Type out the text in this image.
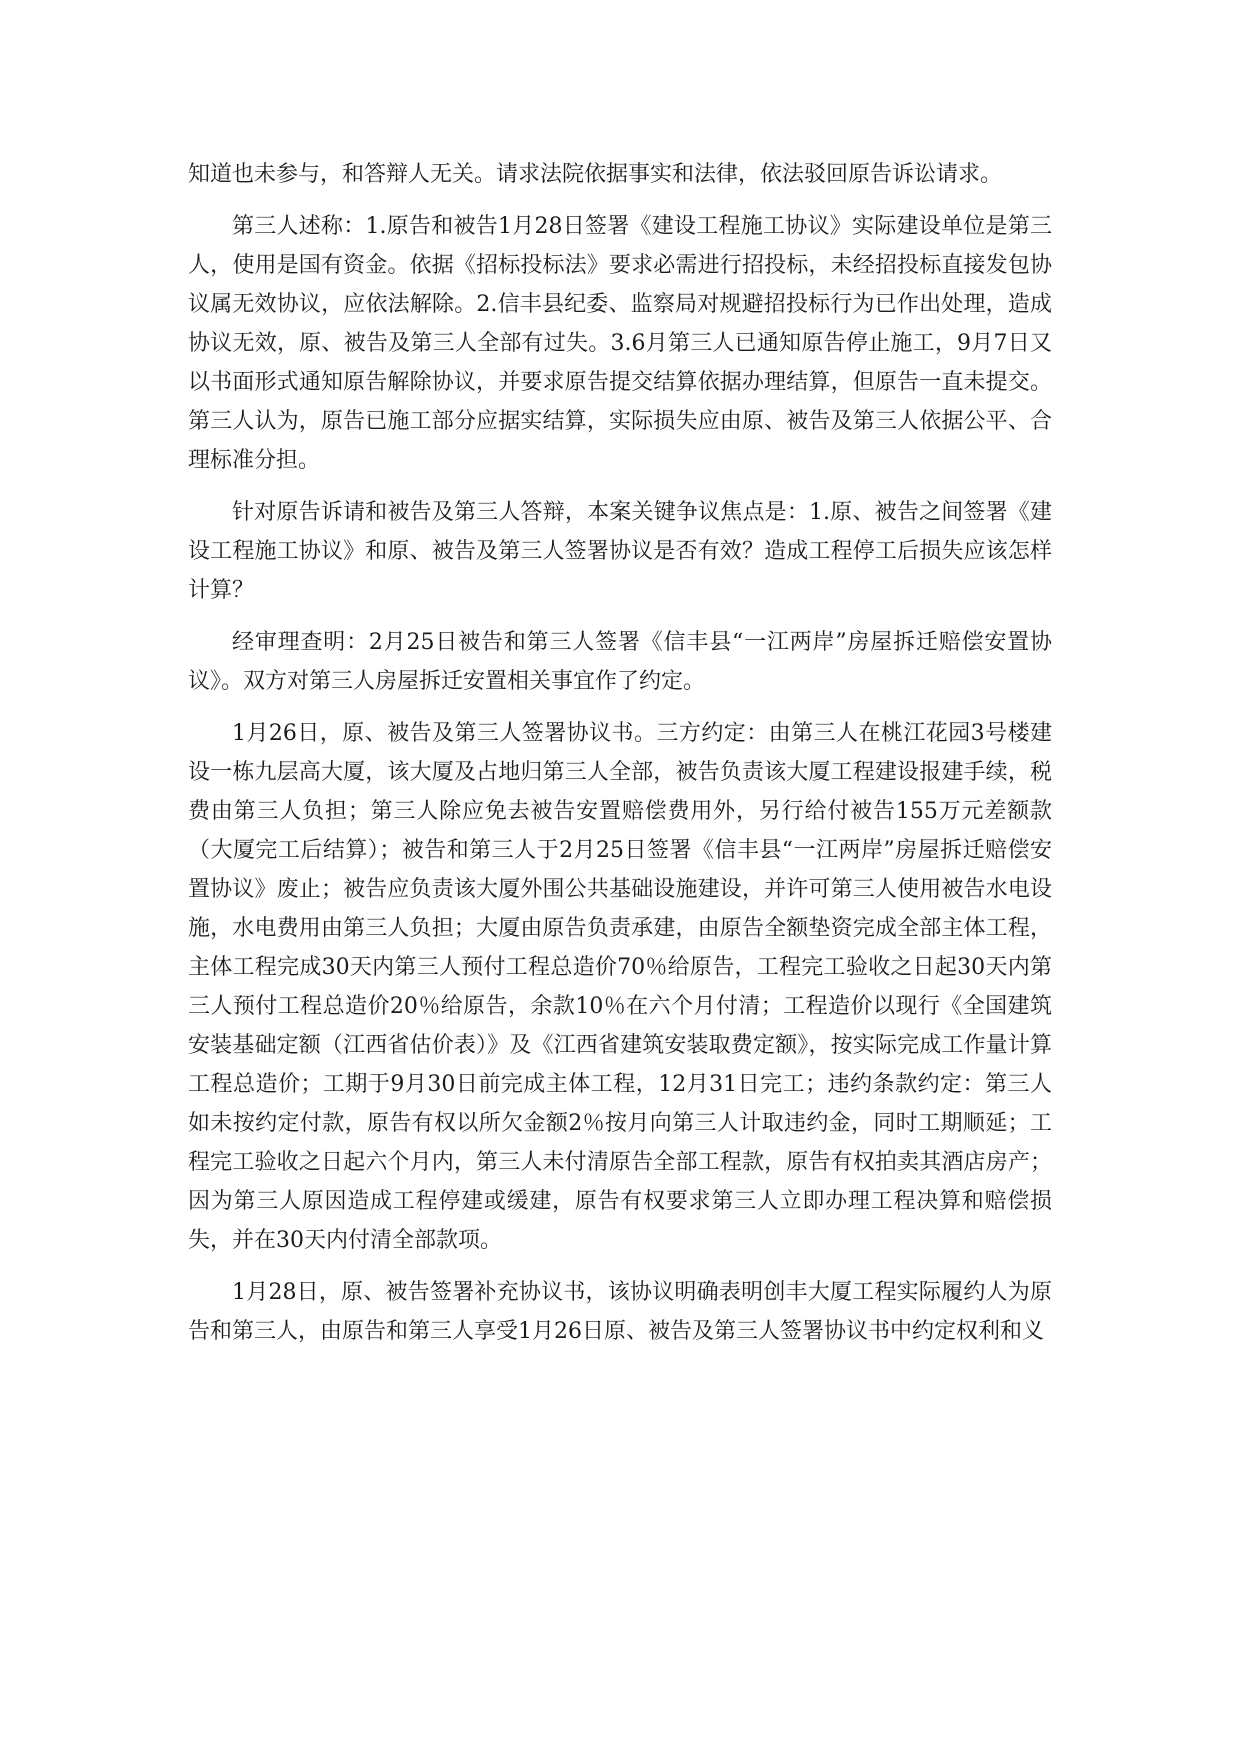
知道也未参与，和答辩人无关。请求法院依据事实和法律，依法驳回原告诉讼请求。

第三人述称：1.原告和被告1月28日签署《建设工程施工协议》实际建设单位是第三人，使用是国有资金。依据《招标投标法》要求必需进行招投标，未经招投标直接发包协议属无效协议，应依法解除。2.信丰县纪委、监察局对规避招投标行为已作出处理，造成协议无效，原、被告及第三人全部有过失。3.6月第三人已通知原告停止施工，9月7日又以书面形式通知原告解除协议，并要求原告提交结算依据办理结算，但原告一直未提交。第三人认为，原告已施工部分应据实结算，实际损失应由原、被告及第三人依据公平、合理标准分担。

针对原告诉请和被告及第三人答辩，本案关键争议焦点是：1.原、被告之间签署《建设工程施工协议》和原、被告及第三人签署协议是否有效？造成工程停工后损失应该怎样计算？

经审理查明：2月25日被告和第三人签署《信丰县“一江两岸”房屋拆迁赔偿安置协议》。双方对第三人房屋拆迁安置相关事宜作了约定。

1月26日，原、被告及第三人签署协议书。三方约定：由第三人在桃江花园3号楼建设一栋九层高大厦，该大厦及占地归第三人全部，被告负责该大厦工程建设报建手续，税费由第三人负担；第三人除应免去被告安置赔偿费用外，另行给付被告155万元差额款（大厦完工后结算）；被告和第三人于2月25日签署《信丰县“一江两岸”房屋拆迁赔偿安置协议》废止；被告应负责该大厦外围公共基础设施建设，并许可第三人使用被告水电设施，水电费用由第三人负担；大厦由原告负责承建，由原告全额垫资完成全部主体工程，主体工程完成30天内第三人预付工程总造价70％给原告，工程完工验收之日起30天内第三人预付工程总造价20％给原告，余款10％在六个月付清；工程造价以现行《全国建筑安装基础定额（江西省估价表）》及《江西省建筑安装取费定额》，按实际完成工作量计算工程总造价；工期于9月30日前完成主体工程，12月31日完工；违约条款约定：第三人如未按约定付款，原告有权以所欠金额2％按月向第三人计取违约金，同时工期顺延；工程完工验收之日起六个月内，第三人未付清原告全部工程款，原告有权拍卖其酒店房产；因为第三人原因造成工程停建或缓建，原告有权要求第三人立即办理工程决算和赔偿损失，并在30天内付清全部款项。

1月28日，原、被告签署补充协议书，该协议明确表明创丰大厦工程实际履约人为原告和第三人，由原告和第三人享受1月26日原、被告及第三人签署协议书中约定权利和义
